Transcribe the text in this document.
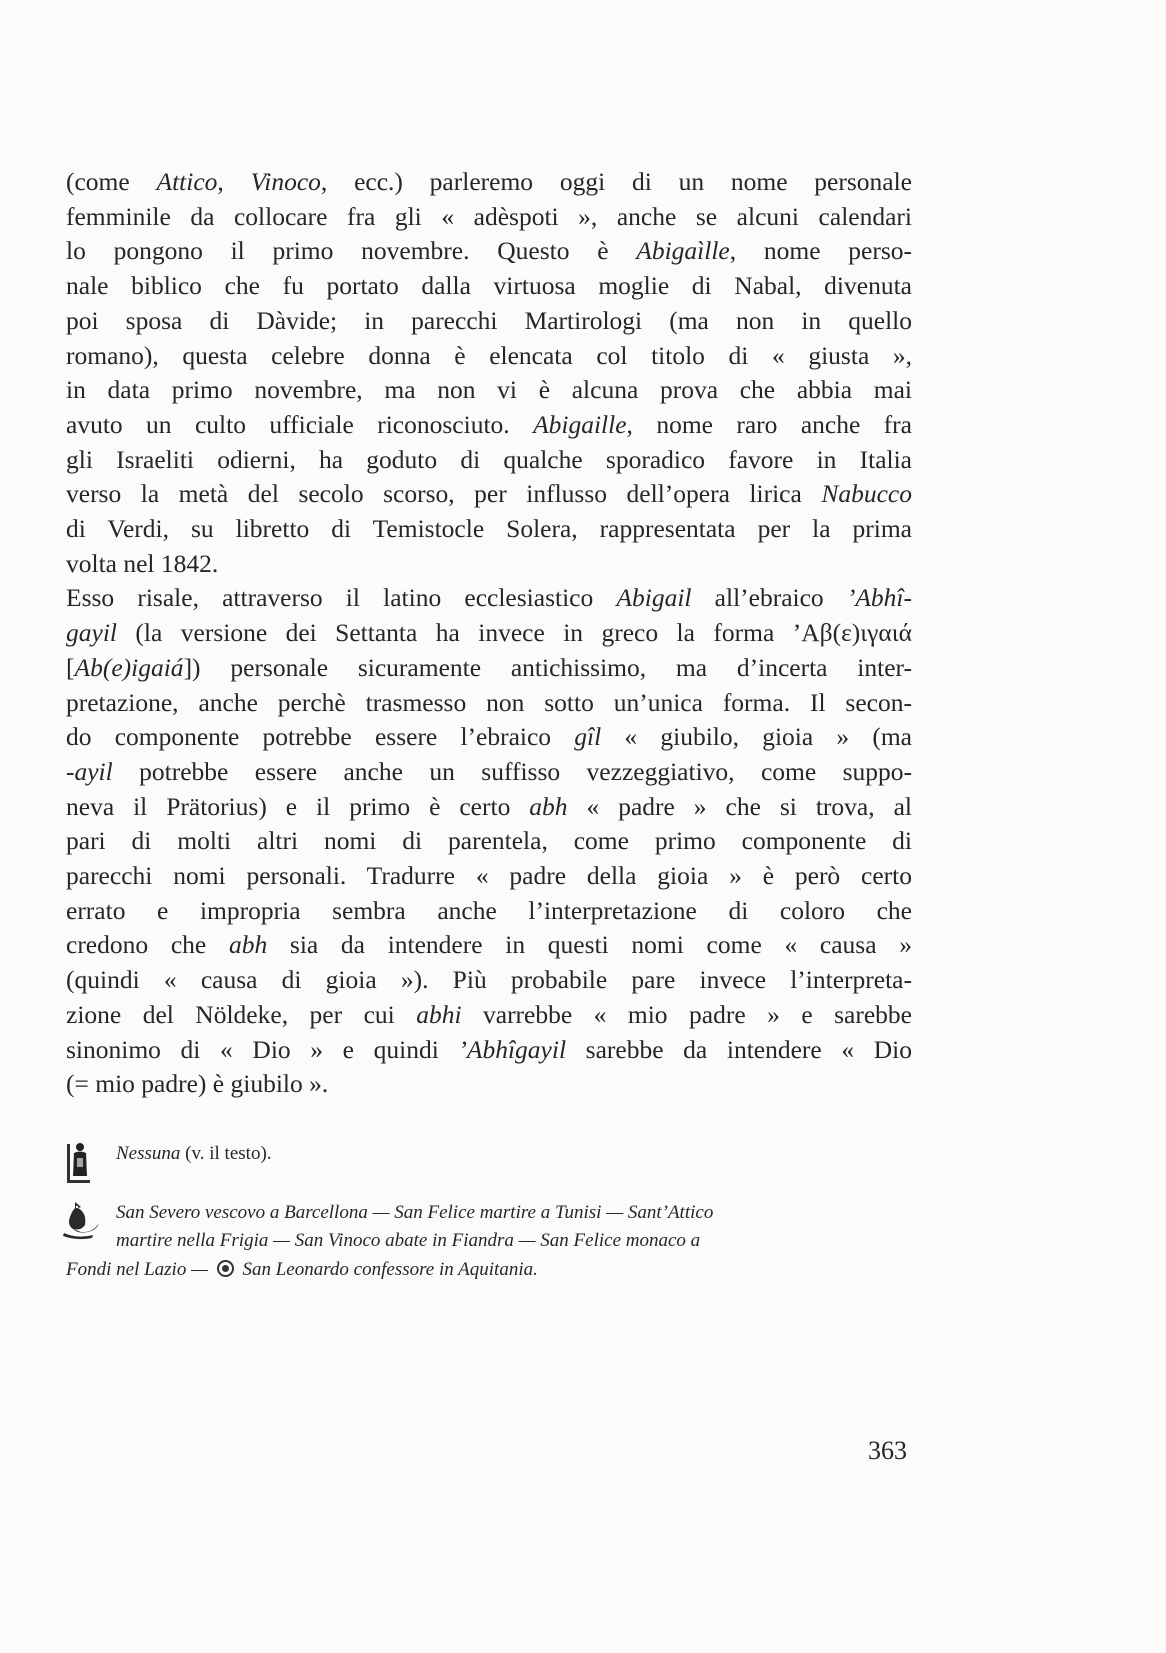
(come Attico, Vinoco, ecc.) parleremo oggi di un nome personale
femminile da collocare fra gli « adèspoti », anche se alcuni calendari
lo pongono il primo novembre. Questo è Abigaìlle, nome perso-
nale biblico che fu portato dalla virtuosa moglie di Nabal, divenuta
poi sposa di Dàvide; in parecchi Martirologi (ma non in quello
romano), questa celebre donna è elencata col titolo di « giusta »,
in data primo novembre, ma non vi è alcuna prova che abbia mai
avuto un culto ufficiale riconosciuto. Abigaille, nome raro anche fra
gli Israeliti odierni, ha goduto di qualche sporadico favore in Italia
verso la metà del secolo scorso, per influsso dell’opera lirica Nabucco
di Verdi, su libretto di Temistocle Solera, rappresentata per la prima
volta nel 1842.
Esso risale, attraverso il latino ecclesiastico Abigail all’ebraico ’Abhî-
gayil (la versione dei Settanta ha invece in greco la forma ’Αβ(ε)ιγαιά
[Ab(e)igaiá]) personale sicuramente antichissimo, ma d’incerta inter-
pretazione, anche perchè trasmesso non sotto un’unica forma. Il secon-
do componente potrebbe essere l’ebraico gîl « giubilo, gioia » (ma
-ayil potrebbe essere anche un suffisso vezzeggiativo, come suppo-
neva il Prätorius) e il primo è certo abh « padre » che si trova, al
pari di molti altri nomi di parentela, come primo componente di
parecchi nomi personali. Tradurre « padre della gioia » è però certo
errato e impropria sembra anche l’interpretazione di coloro che
credono che abh sia da intendere in questi nomi come « causa »
(quindi « causa di gioia »). Più probabile pare invece l’interpreta-
zione del Nöldeke, per cui abhi varrebbe « mio padre » e sarebbe
sinonimo di « Dio » e quindi ’Abhîgayil sarebbe da intendere « Dio
(= mio padre) è giubilo ».
Nessuna (v. il testo).
San Severo vescovo a Barcellona — San Felice martire a Tunisi — Sant’Attico
martire nella Frigia — San Vinoco abate in Fiandra — San Felice monaco a
Fondi nel Lazio — San Leonardo confessore in Aquitania.
363
